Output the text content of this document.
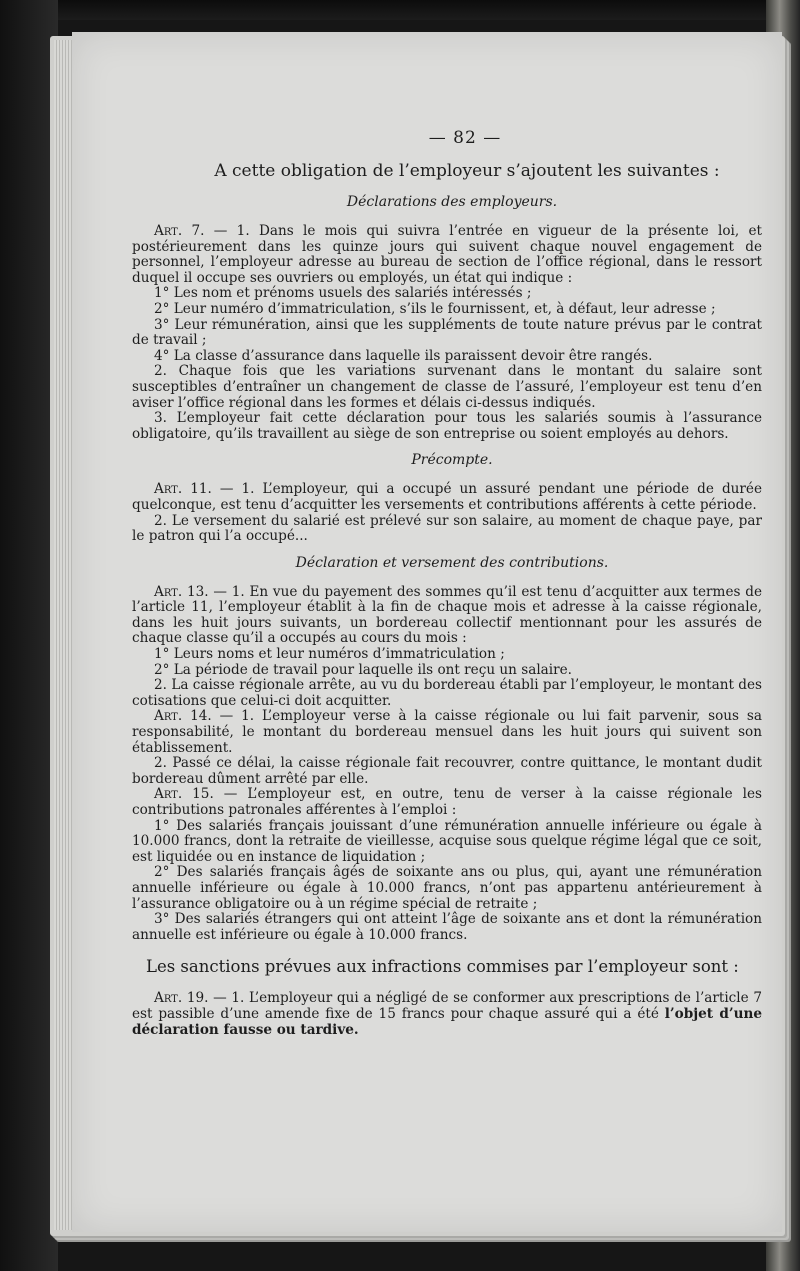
— 82 —
A cette obligation de l’employeur s’ajoutent les suivantes :
Déclarations des employeurs.

Art. 7. — 1. Dans le mois qui suivra l’entrée en vigueur de la présente loi, et postérieurement dans les quinze jours qui suivent chaque nouvel engagement de personnel, l’employeur adresse au bureau de section de l’office régional, dans le ressort duquel il occupe ses ouvriers ou employés, un état qui indique :

1° Les nom et prénoms usuels des salariés intéressés ;

2° Leur numéro d’immatriculation, s’ils le fournissent, et, à défaut, leur adresse ;

3° Leur rémunération, ainsi que les suppléments de toute nature prévus par le contrat de travail ;

4° La classe d’assurance dans laquelle ils paraissent devoir être rangés.

2. Chaque fois que les variations survenant dans le montant du salaire sont susceptibles d’entraîner un changement de classe de l’assuré, l’employeur est tenu d’en aviser l’office régional dans les formes et délais ci-dessus indiqués.

3. L’employeur fait cette déclaration pour tous les salariés soumis à l’assurance obligatoire, qu’ils travaillent au siège de son entreprise ou soient employés au dehors.

Précompte.

Art. 11. — 1. L’employeur, qui a occupé un assuré pendant une période de durée quelconque, est tenu d’acquitter les versements et contributions afférents à cette période.

2. Le versement du salarié est prélevé sur son salaire, au moment de chaque paye, par le patron qui l’a occupé...

Déclaration et versement des contributions.

Art. 13. — 1. En vue du payement des sommes qu’il est tenu d’acquitter aux termes de l’article 11, l’employeur établit à la fin de chaque mois et adresse à la caisse régionale, dans les huit jours suivants, un bordereau collectif mentionnant pour les assurés de chaque classe qu’il a occupés au cours du mois :

1° Leurs noms et leur numéros d’immatriculation ;

2° La période de travail pour laquelle ils ont reçu un salaire.

2. La caisse régionale arrête, au vu du bordereau établi par l’employeur, le montant des cotisations que celui-ci doit acquitter.

Art. 14. — 1. L’employeur verse à la caisse régionale ou lui fait parvenir, sous sa responsabilité, le montant du bordereau mensuel dans les huit jours qui suivent son établissement.

2. Passé ce délai, la caisse régionale fait recouvrer, contre quittance, le montant dudit bordereau dûment arrêté par elle.

Art. 15. — L’employeur est, en outre, tenu de verser à la caisse régionale les contributions patronales afférentes à l’emploi :

1° Des salariés français jouissant d’une rémunération annuelle inférieure ou égale à 10.000 francs, dont la retraite de vieillesse, acquise sous quelque régime légal que ce soit, est liquidée ou en instance de liquidation ;

2° Des salariés français âgés de soixante ans ou plus, qui, ayant une rémunération annuelle inférieure ou égale à 10.000 francs, n’ont pas appartenu antérieurement à l’assurance obligatoire ou à un régime spécial de retraite ;

3° Des salariés étrangers qui ont atteint l’âge de soixante ans et dont la rémunération annuelle est inférieure ou égale à 10.000 francs.

Les sanctions prévues aux infractions commises par l’employeur sont :

Art. 19. — 1. L’employeur qui a négligé de se conformer aux prescriptions de l’article 7 est passible d’une amende fixe de 15 francs pour chaque assuré qui a été l’objet d’une déclaration fausse ou tardive.
